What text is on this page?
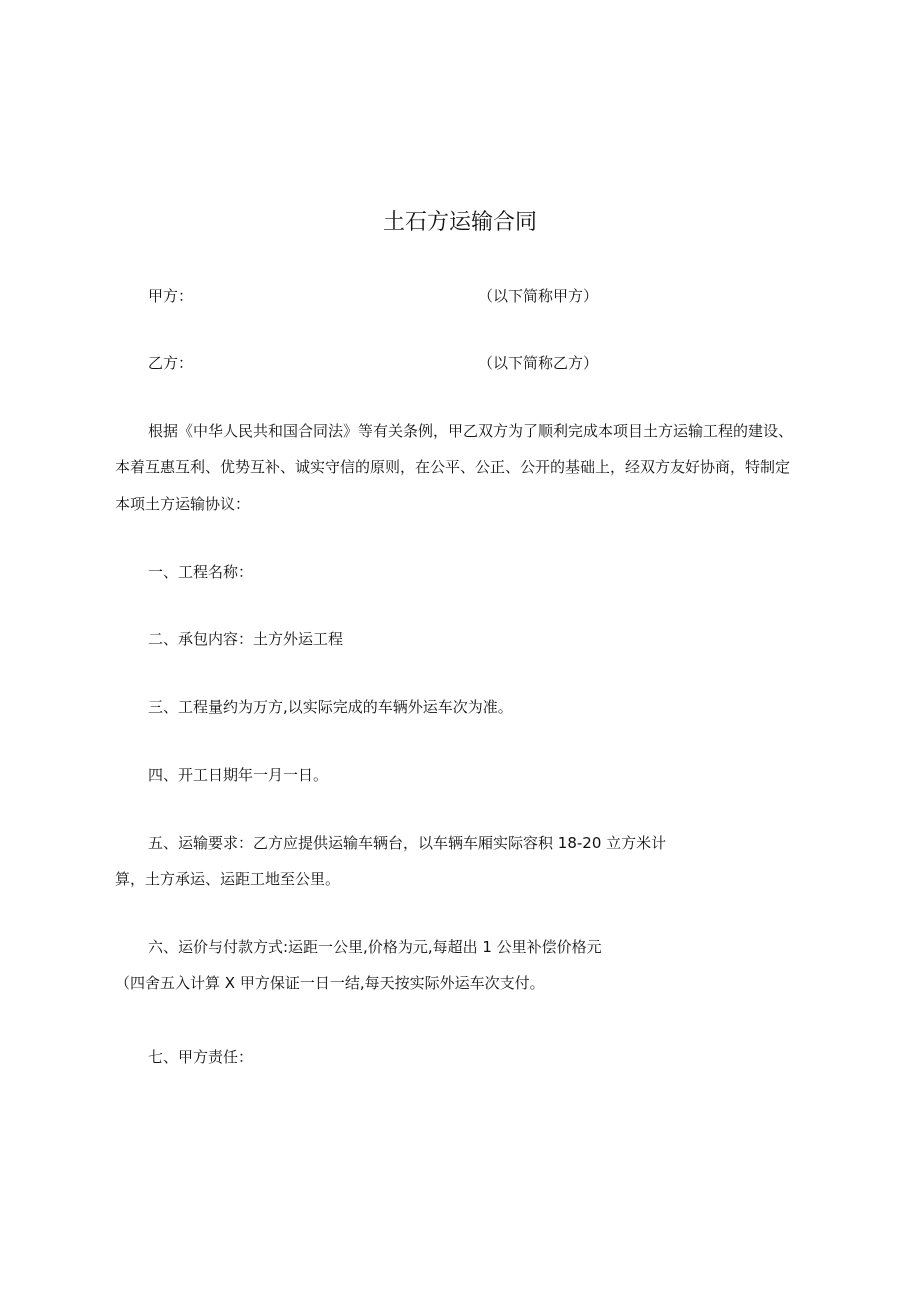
土石方运输合同
甲方：	（以下简称甲方）
乙方：	（以下简称乙方）
根据《中华人民共和国合同法》等有关条例，甲乙双方为了顺利完成本项目土方运输工程的建设、
本着互惠互利、优势互补、诚实守信的原则，在公平、公正、公开的基础上，经双方友好协商，特制定
本项土方运输协议：
一、工程名称：
二、承包内容：土方外运工程
三、工程量约为万方,以实际完成的车辆外运车次为准。
四、开工日期年一月一日。
五、运输要求：乙方应提供运输车辆台，以车辆车厢实际容积 18-20 立方米计
算，土方承运、运距工地至公里。
六、运价与付款方式:运距一公里,价格为元,每超出 1 公里补偿价格元
（四舍五入计算 X 甲方保证一日一结,每天按实际外运车次支付。
七、甲方责任：
